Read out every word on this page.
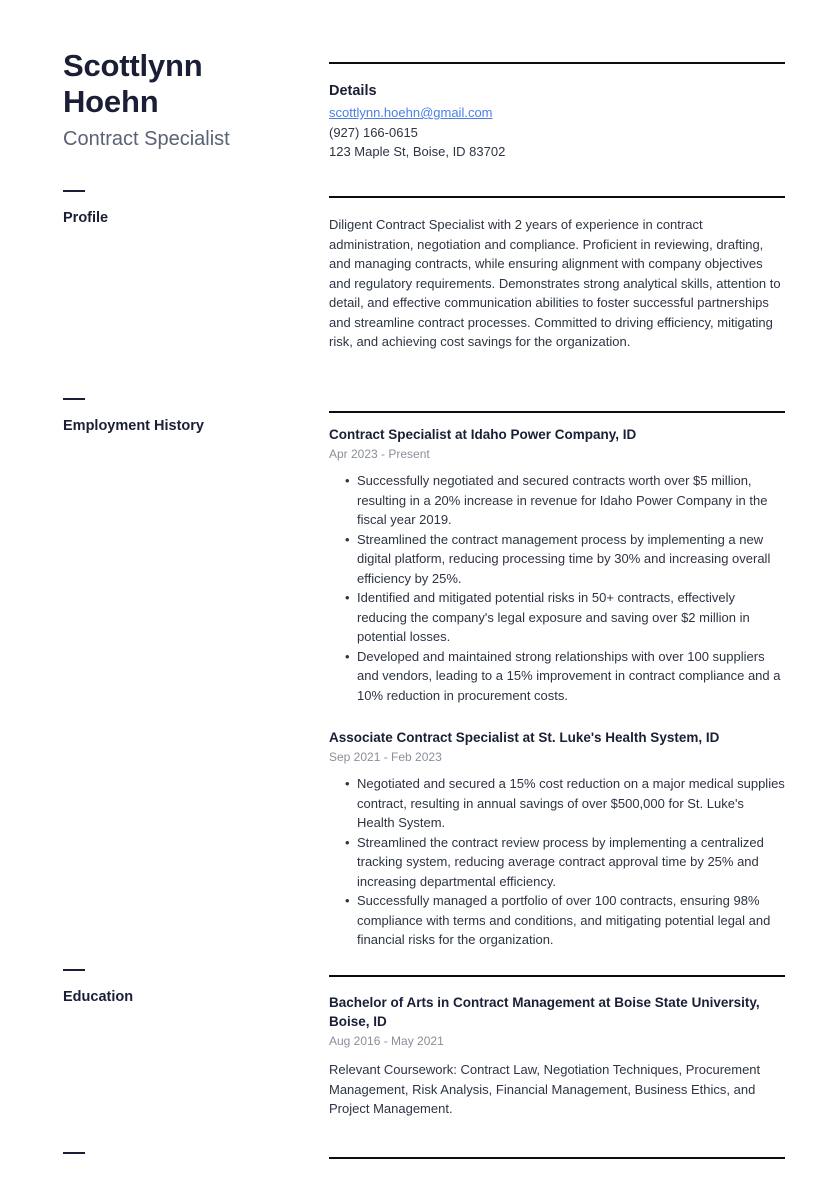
Scottlynn
Hoehn
Contract Specialist
Profile
Employment History
Education
Details
scottlynn.hoehn@gmail.com
(927) 166-0615
123 Maple St, Boise, ID 83702

Diligent Contract Specialist with 2 years of experience in contract administration, negotiation and compliance. Proficient in reviewing, drafting, and managing contracts, while ensuring alignment with company objectives and regulatory requirements. Demonstrates strong analytical skills, attention to detail, and effective communication abilities to foster successful partnerships and streamline contract processes. Committed to driving efficiency, mitigating risk, and achieving cost savings for the organization.

Contract Specialist at Idaho Power Company, ID
Apr 2023 - Present
• Successfully negotiated and secured contracts worth over $5 million, resulting in a 20% increase in revenue for Idaho Power Company in the fiscal year 2019.
• Streamlined the contract management process by implementing a new digital platform, reducing processing time by 30% and increasing overall efficiency by 25%.
• Identified and mitigated potential risks in 50+ contracts, effectively reducing the company's legal exposure and saving over $2 million in potential losses.
• Developed and maintained strong relationships with over 100 suppliers and vendors, leading to a 15% improvement in contract compliance and a 10% reduction in procurement costs.
Associate Contract Specialist at St. Luke's Health System, ID
Sep 2021 - Feb 2023
• Negotiated and secured a 15% cost reduction on a major medical supplies contract, resulting in annual savings of over $500,000 for St. Luke's Health System.
• Streamlined the contract review process by implementing a centralized tracking system, reducing average contract approval time by 25% and increasing departmental efficiency.
• Successfully managed a portfolio of over 100 contracts, ensuring 98% compliance with terms and conditions, and mitigating potential legal and financial risks for the organization.
Bachelor of Arts in Contract Management at Boise State University, Boise, ID
Aug 2016 - May 2021

Relevant Coursework: Contract Law, Negotiation Techniques, Procurement Management, Risk Analysis, Financial Management, Business Ethics, and Project Management.
